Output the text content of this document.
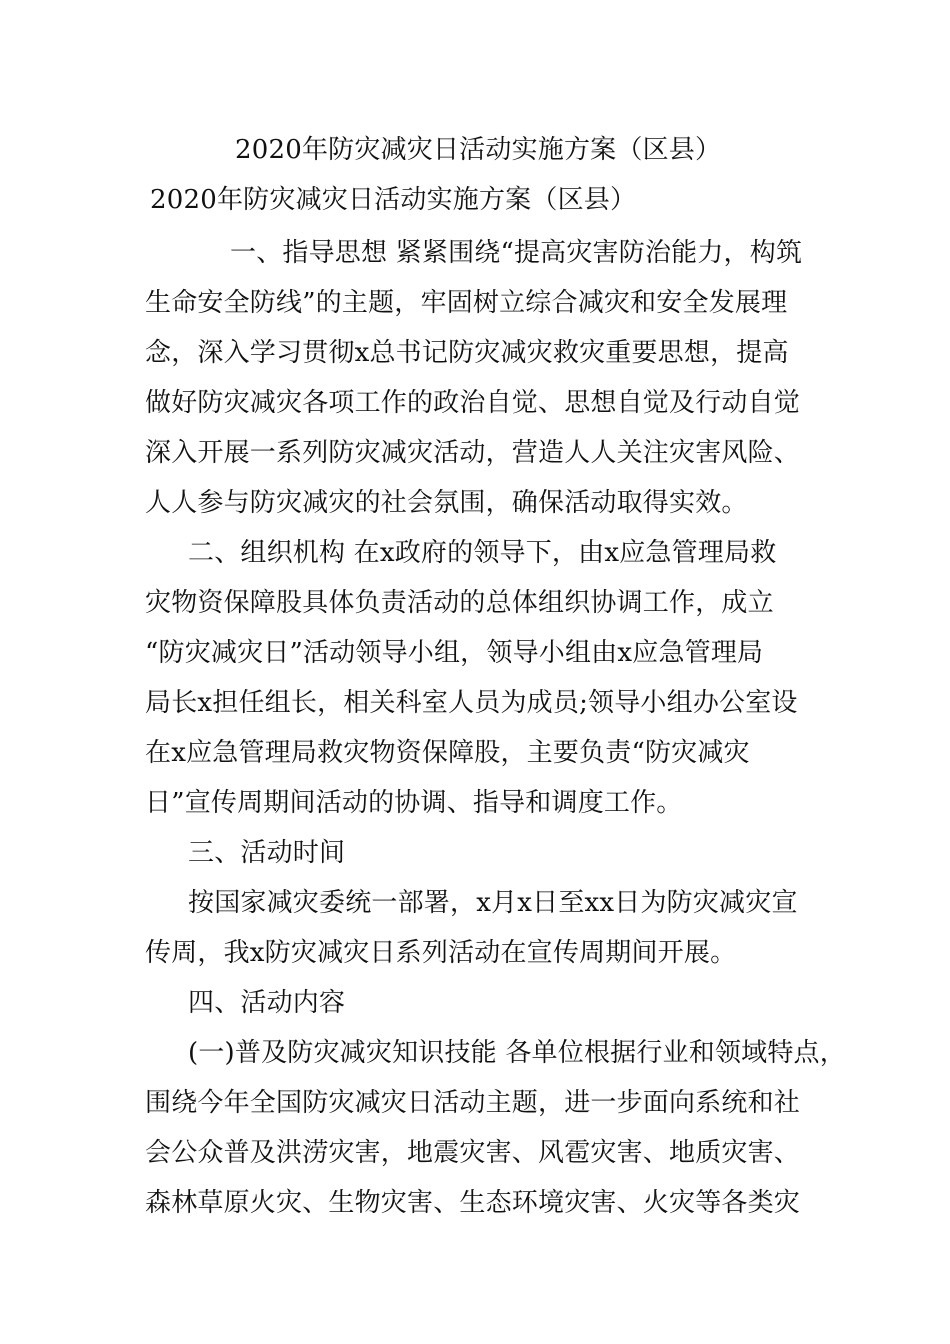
2020年防灾减灾日活动实施方案（区县）
2020年防灾减灾日活动实施方案（区县）
一、指导思想 紧紧围绕“提高灾害防治能力，构筑
生命安全防线”的主题，牢固树立综合减灾和安全发展理
念，深入学习贯彻x总书记防灾减灾救灾重要思想，提高
做好防灾减灾各项工作的政治自觉、思想自觉及行动自觉
深入开展一系列防灾减灾活动，营造人人关注灾害风险、
人人参与防灾减灾的社会氛围，确保活动取得实效。
二、组织机构 在x政府的领导下，由x应急管理局救
灾物资保障股具体负责活动的总体组织协调工作，成立
“防灾减灾日”活动领导小组，领导小组由x应急管理局
局长x担任组长，相关科室人员为成员;领导小组办公室设
在x应急管理局救灾物资保障股，主要负责“防灾减灾
日”宣传周期间活动的协调、指导和调度工作。
三、活动时间
按国家减灾委统一部署，x月x日至xx日为防灾减灾宣
传周，我x防灾减灾日系列活动在宣传周期间开展。
四、活动内容
(一)普及防灾减灾知识技能 各单位根据行业和领域特点，
围绕今年全国防灾减灾日活动主题，进一步面向系统和社
会公众普及洪涝灾害，地震灾害、风雹灾害、地质灾害、
森林草原火灾、生物灾害、生态环境灾害、火灾等各类灾
